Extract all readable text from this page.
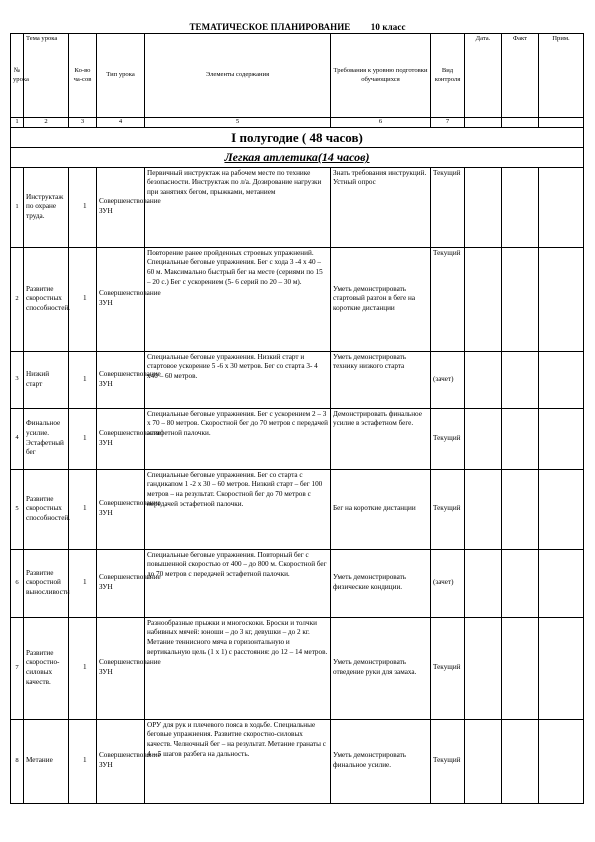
ТЕМАТИЧЕСКОЕ ПЛАНИРОВАНИЕ 10 класс
№ урока	Тема урока	Ко-во ча-сов	Тип урока	Элементы содержания	Требования к уровню подготовки обучающихся	Вид контроля	Дата.	Факт	Прим.
1	2	3	4	5	6	7			
I полугодие ( 48 часов)									
Легкая атлетика(14 часов)									
1	Инструктаж по охране труда.	1	Совершенствование ЗУН	Первичный инструктаж на рабочем месте по технике безопасности. Инструктаж по л/а. Дозирование нагрузки при занятиях бегом, прыжками, метанием	Знать требования инструкций. Устный опрос	Текущий			
2	Развитие скоростных способностей.	1	Совершенствование ЗУН	Повторение ранее пройденных строевых упражнений. Специальные беговые упражнения. Бег с хода 3 -4 х 40 – 60 м. Максимально быстрый бег на месте (сериями по 15 – 20 с.) Бег с ускорением (5- 6 серий по 20 – 30 м).	Уметь демонстрировать стартовый разгон в беге на короткие дистанции	Текущий			
3	Низкий старт	1	Совершенствование ЗУН	Специальные беговые упражнения. Низкий старт и стартовое ускорение 5 -6 х 30 метров. Бег со старта 3- 4 х40 – 60 метров.	Уметь демонстрировать технику низкого старта	(зачет)			
4	Финальное усилие. Эстафетный бег	1	Совершенствование ЗУН	Специальные беговые упражнения. Бег с ускорением 2 – 3 х 70 – 80 метров. Скоростной бег до 70 метров с передачей эстафетной палочки.	Демонстрировать финальное усилие в эстафетном беге.	Текущий			
5	Развитие скоростных способностей.	1	Совершенствование ЗУН	Специальные беговые упражнения. Бег со старта с гандикапом 1 -2 х 30 – 60 метров. Низкий старт – бег 100 метров – на результат. Скоростной бег до 70 метров с передачей эстафетной палочки.	Бег на короткие дистанции	Текущий			
6	Развитие скоростной выносливости	1	Совершенствование ЗУН	Специальные беговые упражнения. Повторный бег с повышенной скоростью от 400 – до 800 м. Скоростной бег до 70 метров с передачей эстафетной палочки.	Уметь демонстрировать физические кондиции.	(зачет)			
7	Развитие скоростно-силовых качеств.	1	Совершенствование ЗУН	Разнообразные прыжки и многоскоки. Броски и толчки набивных мячей: юноши – до 3 кг, девушки – до 2 кг. Метание теннисного мяча в горизонтальную и вертикальную цель (1 х 1) с расстояния: до 12 – 14 метров.	Уметь демонстрировать отведение руки для замаха.	Текущий			
8	Метание	1	Совершенствование ЗУН	ОРУ для рук и плечевого пояса в ходьбе. Специальные беговые упражнения. Развитие скоростно-силовых качеств. Челночный бег – на результат. Метание гранаты с 4 – 5 шагов разбега на дальность.	Уметь демонстрировать финальное усилие.	Текущий			
